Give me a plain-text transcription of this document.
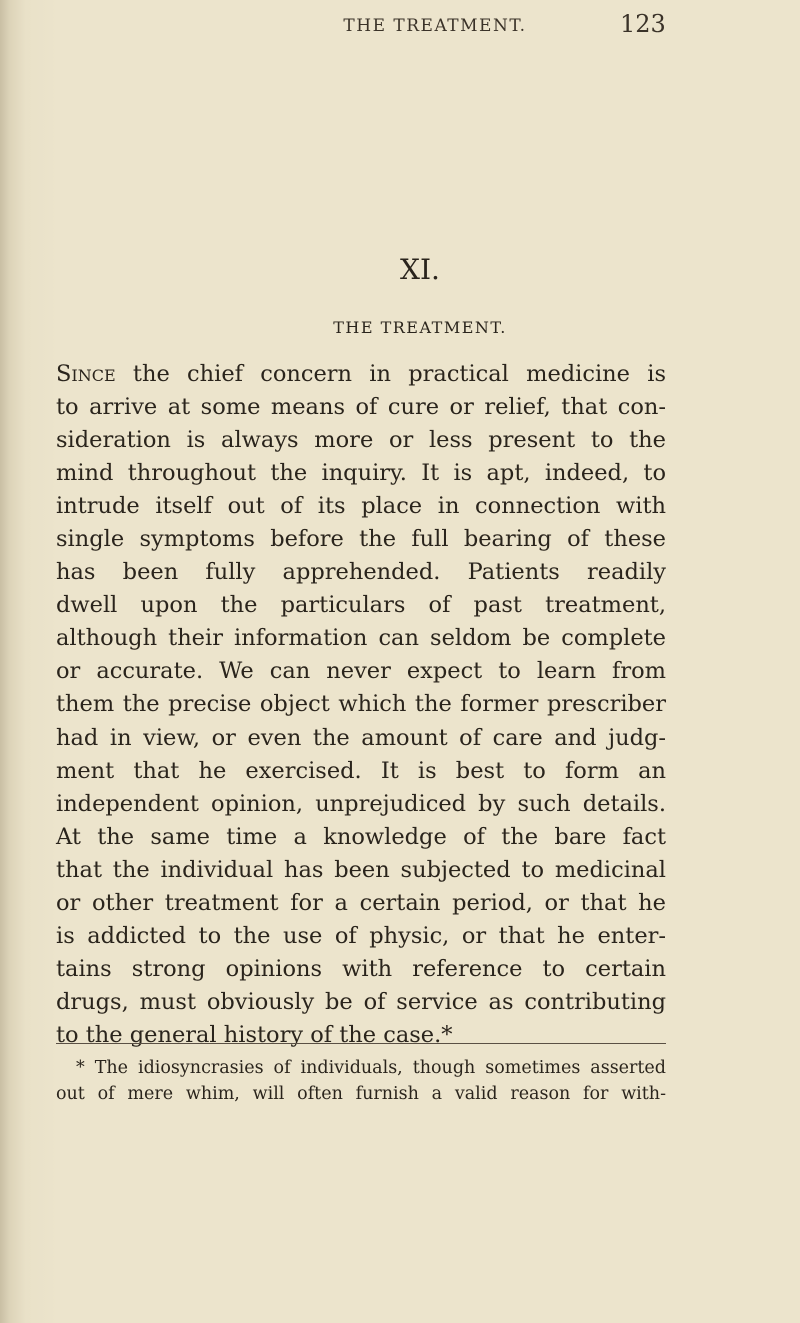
THE TREATMENT.	123
XI.
THE TREATMENT.
Since the chief concern in practical medicine is
to arrive at some means of cure or relief, that con-
sideration is always more or less present to the
mind throughout the inquiry. It is apt, indeed, to
intrude itself out of its place in connection with
single symptoms before the full bearing of these
has been fully apprehended. Patients readily
dwell upon the particulars of past treatment,
although their information can seldom be complete
or accurate. We can never expect to learn from
them the precise object which the former prescriber
had in view, or even the amount of care and judg-
ment that he exercised. It is best to form an
independent opinion, unprejudiced by such details.
At the same time a knowledge of the bare fact
that the individual has been subjected to medicinal
or other treatment for a certain period, or that he
is addicted to the use of physic, or that he enter-
tains strong opinions with reference to certain
drugs, must obviously be of service as contributing
to the general history of the case.*
* The idiosyncrasies of individuals, though sometimes asserted
out of mere whim, will often furnish a valid reason for with-
